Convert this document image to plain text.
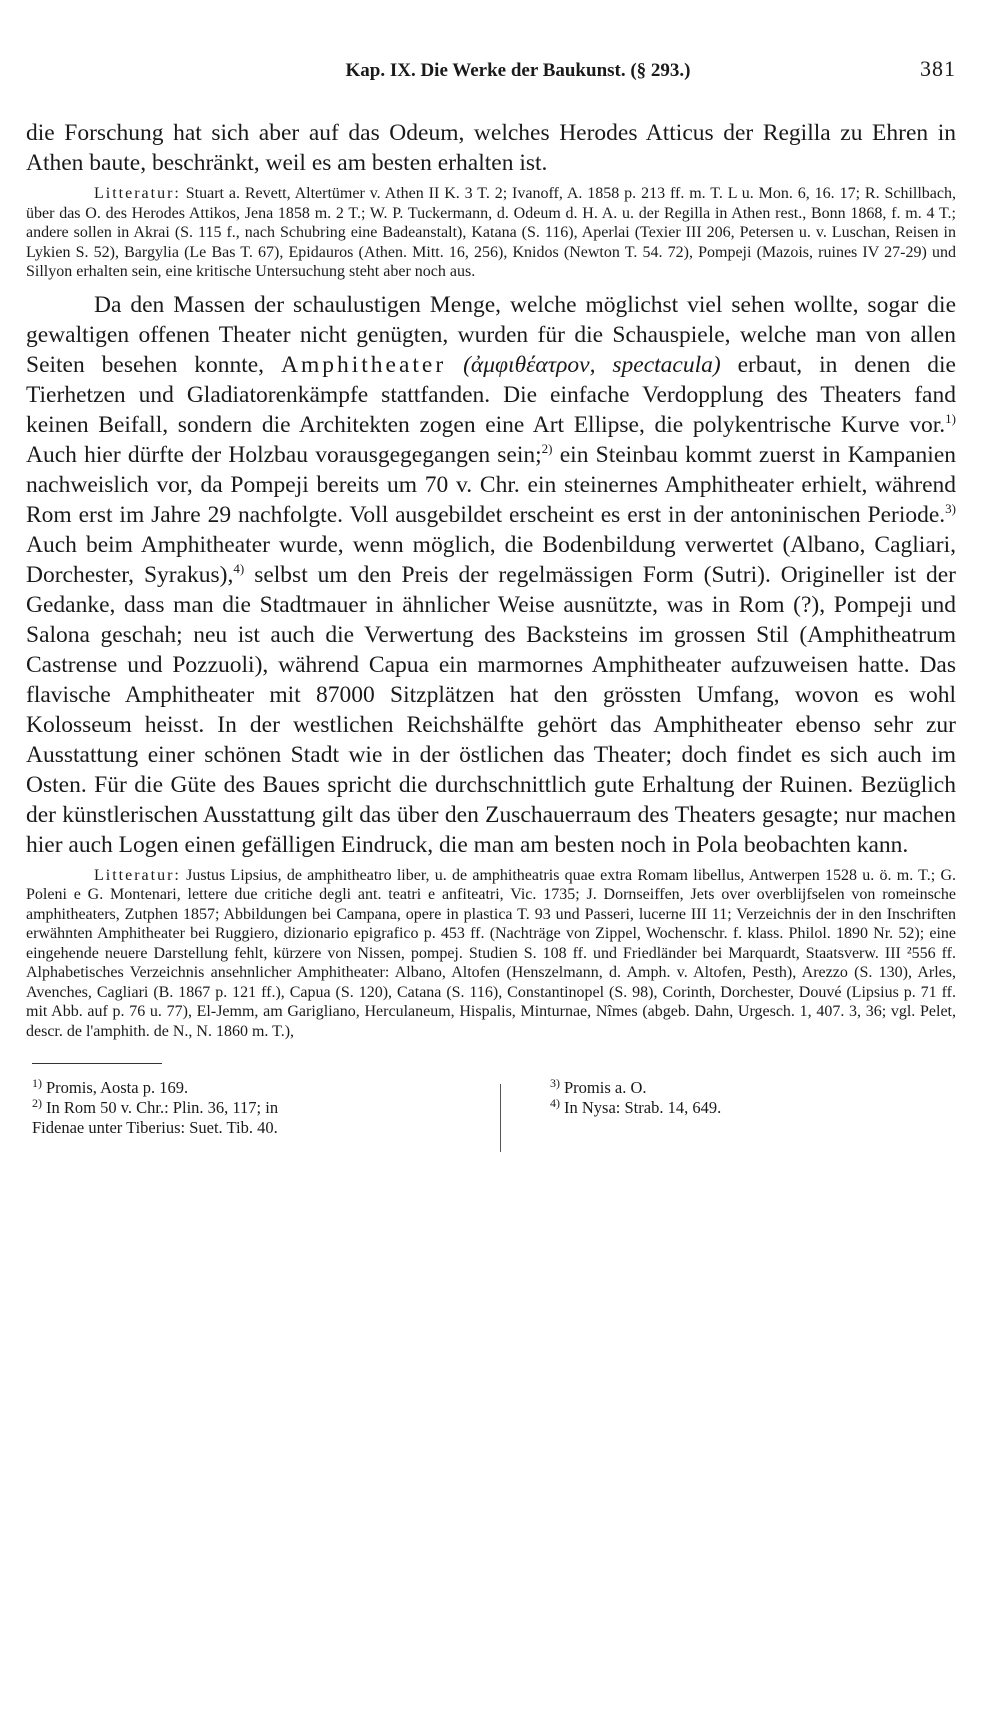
Kap. IX. Die Werke der Baukunst. (§ 293.)	381

die Forschung hat sich aber auf das Odeum, welches Herodes Atticus der Regilla zu Ehren in Athen baute, beschränkt, weil es am besten erhalten ist.

Litteratur: Stuart a. Revett, Altertümer v. Athen II K. 3 T. 2; Ivanoff, A. 1858 p. 213 ff. m. T. L u. Mon. 6, 16. 17; R. Schillbach, über das O. des Herodes Attikos, Jena 1858 m. 2 T.; W. P. Tuckermann, d. Odeum d. H. A. u. der Regilla in Athen rest., Bonn 1868, f. m. 4 T.; andere sollen in Akrai (S. 115 f., nach Schubring eine Badeanstalt), Katana (S. 116), Aperlai (Texier III 206, Petersen u. v. Luschan, Reisen in Lykien S. 52), Bargylia (Le Bas T. 67), Epidauros (Athen. Mitt. 16, 256), Knidos (Newton T. 54. 72), Pompeji (Mazois, ruines IV 27-29) und Sillyon erhalten sein, eine kritische Untersuchung steht aber noch aus.

Da den Massen der schaulustigen Menge, welche möglichst viel sehen wollte, sogar die gewaltigen offenen Theater nicht genügten, wurden für die Schauspiele, welche man von allen Seiten besehen konnte, Amphitheater (ἀμφιθέατρον, spectacula) erbaut, in denen die Tierhetzen und Gladiatorenkämpfe stattfanden. Die einfache Verdopplung des Theaters fand keinen Beifall, sondern die Architekten zogen eine Art Ellipse, die polykentrische Kurve vor.$^{1)}$ Auch hier dürfte der Holzbau vorausgegegangen sein;$^{2)}$ ein Steinbau kommt zuerst in Kampanien nachweislich vor, da Pompeji bereits um 70 v. Chr. ein steinernes Amphitheater erhielt, während Rom erst im Jahre 29 nachfolgte. Voll ausgebildet erscheint es erst in der antoninischen Periode.$^{3)}$ Auch beim Amphitheater wurde, wenn möglich, die Bodenbildung verwertet (Albano, Cagliari, Dorchester, Syrakus),$^{4)}$ selbst um den Preis der regelmässigen Form (Sutri). Origineller ist der Gedanke, dass man die Stadtmauer in ähnlicher Weise ausnützte, was in Rom (?), Pompeji und Salona geschah; neu ist auch die Verwertung des Backsteins im grossen Stil (Amphitheatrum Castrense und Pozzuoli), während Capua ein marmornes Amphitheater aufzuweisen hatte. Das flavische Amphitheater mit 87000 Sitzplätzen hat den grössten Umfang, wovon es wohl Kolosseum heisst. In der westlichen Reichshälfte gehört das Amphitheater ebenso sehr zur Ausstattung einer schönen Stadt wie in der östlichen das Theater; doch findet es sich auch im Osten. Für die Güte des Baues spricht die durchschnittlich gute Erhaltung der Ruinen. Bezüglich der künstlerischen Ausstattung gilt das über den Zuschauerraum des Theaters gesagte; nur machen hier auch Logen einen gefälligen Eindruck, die man am besten noch in Pola beobachten kann.

Litteratur: Justus Lipsius, de amphitheatro liber, u. de amphitheatris quae extra Romam libellus, Antwerpen 1528 u. ö. m. T.; G. Poleni e G. Montenari, lettere due critiche degli ant. teatri e anfiteatri, Vic. 1735; J. Dornseiffen, Jets over overblijfselen von romeinsche amphitheaters, Zutphen 1857; Abbildungen bei Campana, opere in plastica T. 93 und Passeri, lucerne III 11; Verzeichnis der in den Inschriften erwähnten Amphitheater bei Ruggiero, dizionario epigrafico p. 453 ff. (Nachträge von Zippel, Wochenschr. f. klass. Philol. 1890 Nr. 52); eine eingehende neuere Darstellung fehlt, kürzere von Nissen, pompej. Studien S. 108 ff. und Friedländer bei Marquardt, Staatsverw. III ²556 ff. Alphabetisches Verzeichnis ansehnlicher Amphitheater: Albano, Altofen (Henszelmann, d. Amph. v. Altofen, Pesth), Arezzo (S. 130), Arles, Avenches, Cagliari (B. 1867 p. 121 ff.), Capua (S. 120), Catana (S. 116), Constantinopel (S. 98), Corinth, Dorchester, Douvé (Lipsius p. 71 ff. mit Abb. auf p. 76 u. 77), El-Jemm, am Garigliano, Herculaneum, Hispalis, Minturnae, Nîmes (abgeb. Dahn, Urgesch. 1, 407. 3, 36; vgl. Pelet, descr. de l'amphith. de N., N. 1860 m. T.),

$^{1)}$ Promis, Aosta p. 169.
$^{2)}$ In Rom 50 v. Chr.: Plin. 36, 117; in
Fidenae unter Tiberius: Suet. Tib. 40.
$^{3)}$ Promis a. O.
$^{4)}$ In Nysa: Strab. 14, 649.
